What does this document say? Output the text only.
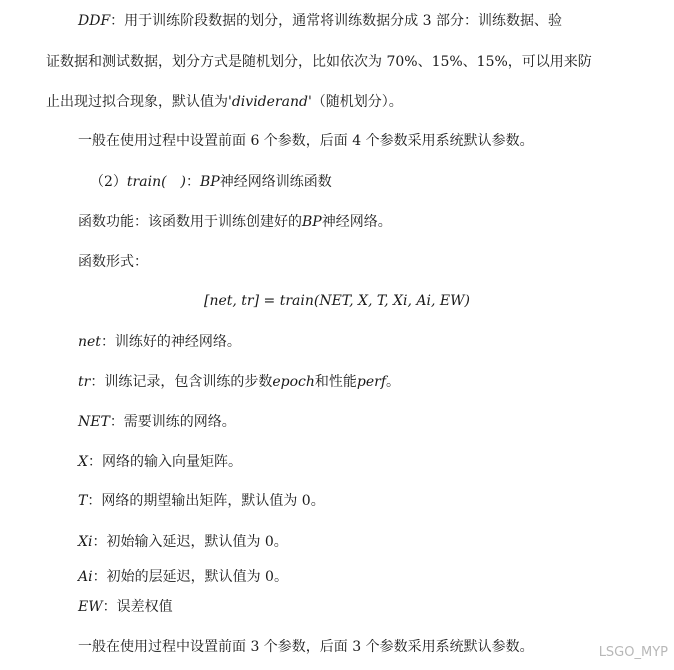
DDF：用于训练阶段数据的划分，通常将训练数据分成 3 部分：训练数据、验
证数据和测试数据，划分方式是随机划分，比如依次为 70%、15%、15%，可以用来防
止出现过拟合现象，默认值为'dividerand'（随机划分）。
一般在使用过程中设置前面 6 个参数，后面 4 个参数采用系统默认参数。
（2）train(　)：BP神经网络训练函数
函数功能：该函数用于训练创建好的BP神经网络。
函数形式：
[net, tr] = train(NET, X, T, Xi, Ai, EW)
net：训练好的神经网络。
tr：训练记录，包含训练的步数epoch和性能perf。
NET：需要训练的网络。
X：网络的输入向量矩阵。
T：网络的期望输出矩阵，默认值为 0。
Xi：初始输入延迟，默认值为 0。
Ai：初始的层延迟，默认值为 0。
EW：误差权值
一般在使用过程中设置前面 3 个参数，后面 3 个参数采用系统默认参数。	LSGO_MYP
